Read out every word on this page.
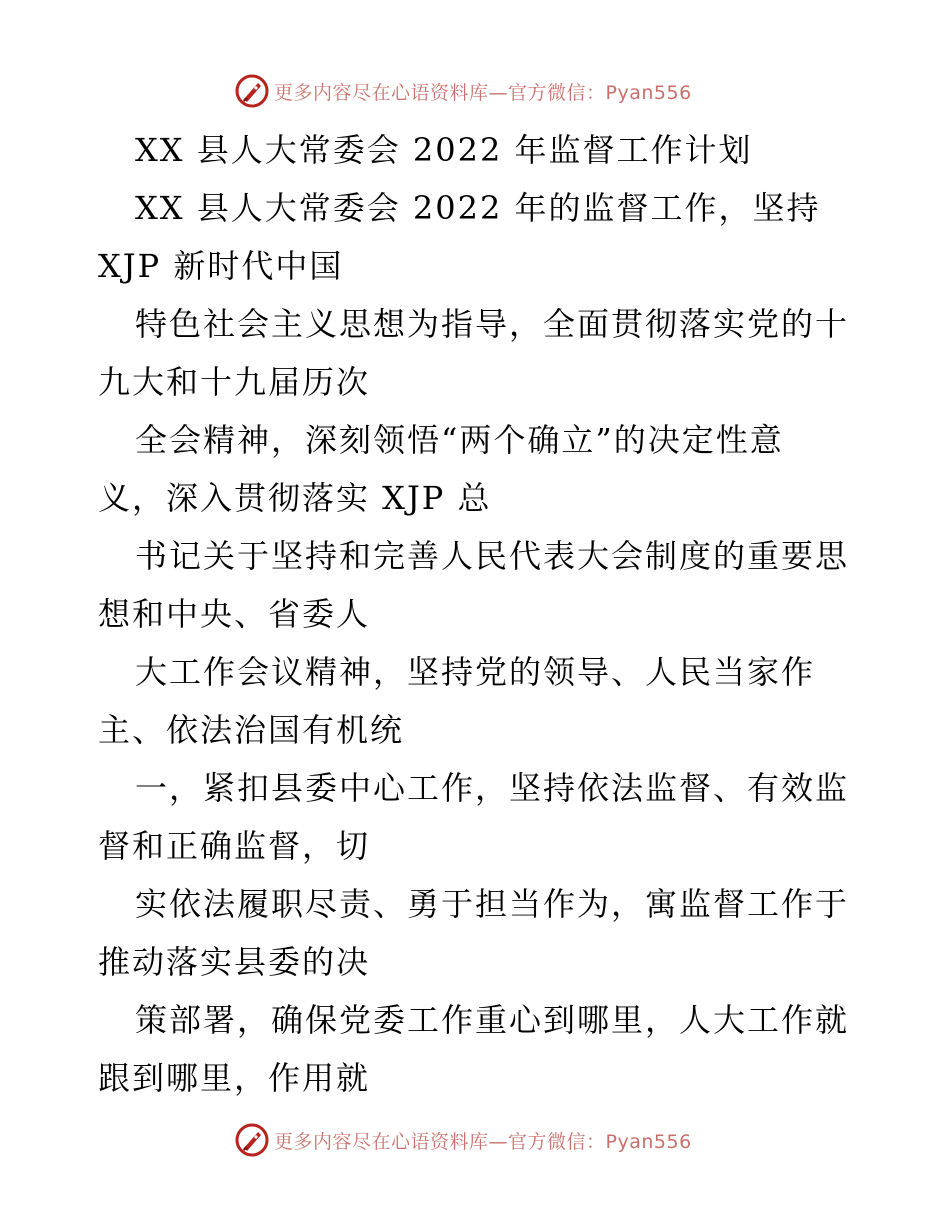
更多内容尽在心语资料库—官方微信：Pyan556
XX 县人大常委会 2022 年监督工作计划
XX 县人大常委会 2022 年的监督工作，坚持
XJP 新时代中国
特色社会主义思想为指导，全面贯彻落实党的十
九大和十九届历次
全会精神，深刻领悟“两个确立”的决定性意
义，深入贯彻落实 XJP 总
书记关于坚持和完善人民代表大会制度的重要思
想和中央、省委人
大工作会议精神，坚持党的领导、人民当家作
主、依法治国有机统
一，紧扣县委中心工作，坚持依法监督、有效监
督和正确监督，切
实依法履职尽责、勇于担当作为，寓监督工作于
推动落实县委的决
策部署，确保党委工作重心到哪里，人大工作就
跟到哪里，作用就
更多内容尽在心语资料库—官方微信：Pyan556
